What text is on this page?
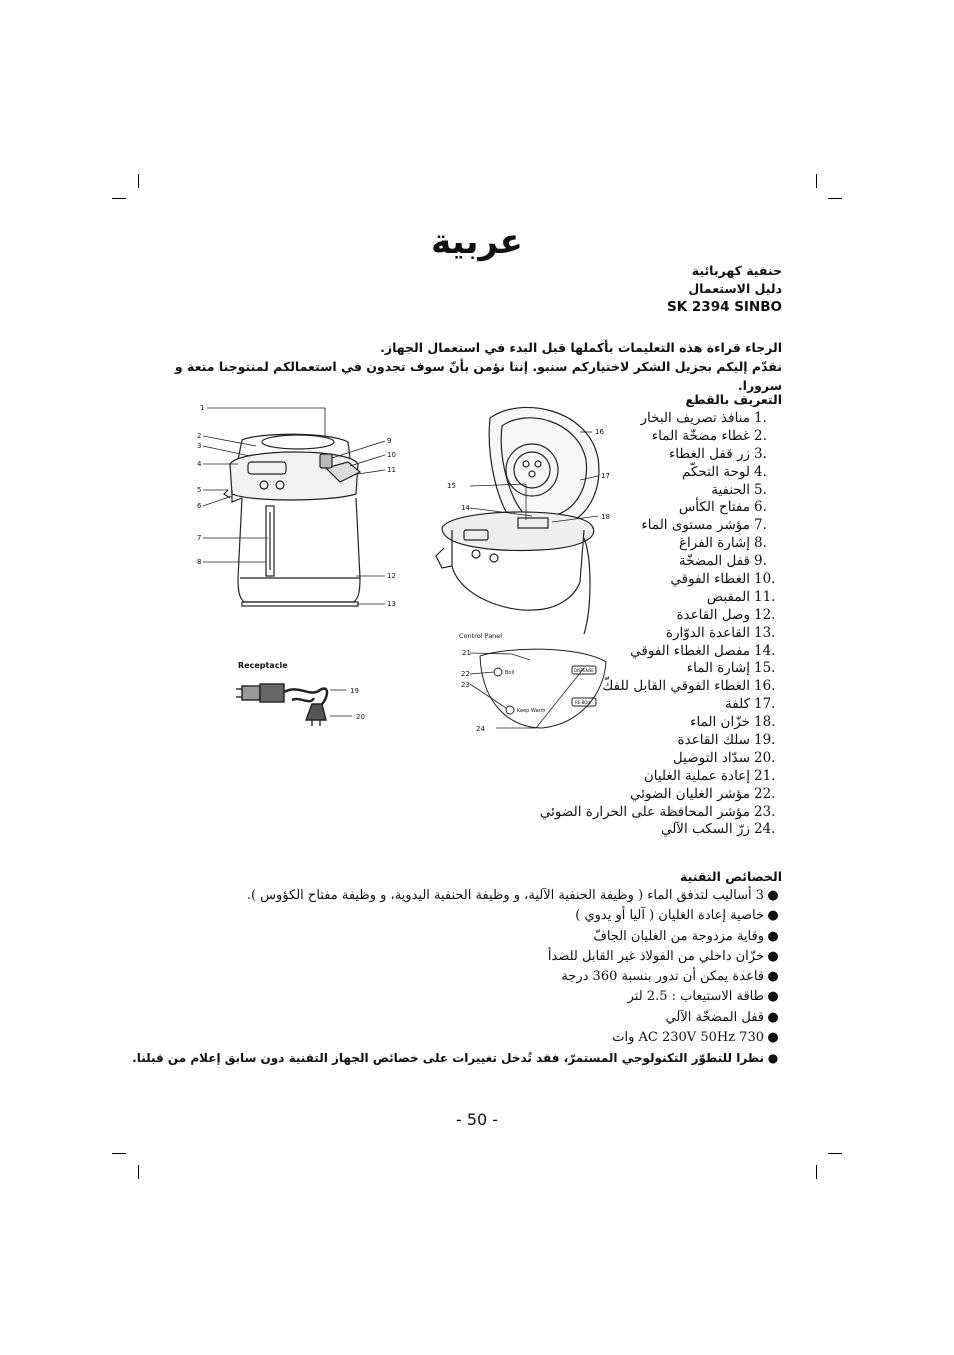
عربية
حنفية كهربائية
دليل الاستعمال
SK 2394 SINBO
الرجاء قراءة هذه التعليمات بأكملها قبل البدء في استعمال الجهاز.
نقدّم إليكم بجزيل الشكر لاختياركم سنبو. إننا نؤمن بأنّ سوف تجدون في استعمالكم لمنتوجنا متعة و سرورا.
التعريف بالقطع
1.منافذ تصريف البخار
2.غطاء مضخّة الماء
3.زر قفل الغطاء
4.لوحة التحكّم
5.الحنفية
6.مفتاح الكأس
7.مؤشر مستوى الماء
8.إشارة الفراغ
9.قفل المضخّة
10.الغطاء الفوقي
11.المقبض
12.وصل القاعدة
13.القاعدة الدوّارة
14.مفصل الغطاء الفوقي
15.إشارة الماء
16.الغطاء الفوقي القابل للفكّ
17.كلفة
18.خزّان الماء
19.سلك القاعدة
20.سدّاد التوصيل
21.إعادة عملية الغليان
22.مؤشر الغليان الضوئي
23.مؤشر المحافظة على الحرارة الضوئي
24.زرّ السكب الآلي
1
2
3
4
5
6
7
8
9
10
11
12
13
14
15
16
17
18
19
20
21
22
23
24
Control Panel
Receptacle
Boil
Keep Warm
DISPENSE
RE-BOIL
الخصائص التقنية
●3 أساليب لتدفق الماء ( وظيفة الحنفية الآلية، و وظيفة الحنفية اليدوية، و وظيفة مفتاح الكؤوس ).
●خاصية إعادة الغليان ( آليا أو يدوي )
●وقاية مزدوجة من الغليان الجافّ
●خزّان داخلي من الفولاذ غير القابل للصدأ
●قاعدة يمكن أن تدور بنسبة 360 درجة
●طاقة الاستيعاب : 2.5 لتر
●قفل المضخّة الآلي
●AC 230V 50Hz 730 وات
●نظرا للتطوّر التكنولوجي المستمرّ، فقد تُدخل تغييرات على خصائص الجهاز التقنية دون سابق إعلام من قبلنا.
- 50 -
